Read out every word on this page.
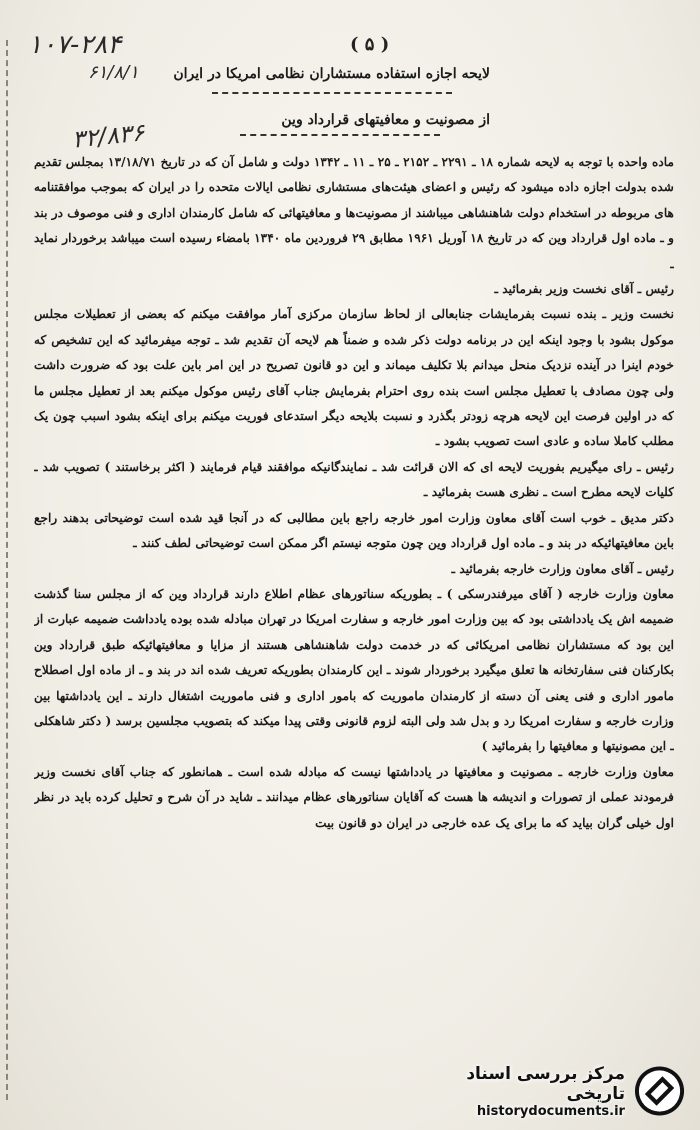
۱۰۷-۲۸۴
۶۱/۸/۱
۳۲/۸۳۶
( ۵ )
لایحه اجازه استفاده مستشاران نظامی امریکا در ایران
از مصونیت و معافیتهای قرارداد وین

ماده واحده با توجه به لایحه شماره ۱۸ ـ ۲۲۹۱ ـ ۲۱۵۲ ـ ۲۵ ـ ۱۱ ـ ۱۳۴۲ دولت و شامل آن که در تاریخ ۱۳/۱۸/۷۱ بمجلس تقدیم شده بدولت اجازه داده میشود که رئیس و اعضای هیئت‌های مستشاری نظامی ایالات متحده را در ایران که بموجب موافقتنامه های مربوطه در استخدام دولت شاهنشاهی میباشند از مصونیت‌ها و معافیتهائی که شامل کارمندان اداری و فنی موصوف در بند و ـ ماده اول قرارداد وین که در تاریخ ۱۸ آوریل ۱۹۶۱ مطابق ۲۹ فروردین ماه ۱۳۴۰ بامضاء رسیده است میباشد برخوردار نماید ـ

رئیس ـ آقای نخست وزیر بفرمائید ـ

نخست وزیر ـ بنده نسبت بفرمایشات جنابعالی از لحاظ سازمان مرکزی آمار موافقت میکنم که بعضی از تعطیلات مجلس موکول بشود با وجود اینکه این در برنامه دولت ذکر شده و ضمناً هم لایحه آن تقدیم شد ـ توجه میفرمائید که این تشخیص که خودم اینرا در آینده نزدیک منحل میدانم بلا تکلیف میماند و این دو قانون تصریح در این امر باین علت بود که ضرورت داشت ولی چون مصادف با تعطیل مجلس است بنده روی احترام بفرمایش جناب آقای رئیس موکول میکنم بعد از تعطیل مجلس ما که در اولین فرصت این لایحه هرچه زودتر بگذرد و نسبت بلایحه دیگر استدعای فوریت میکنم برای اینکه بشود اسبب چون یک مطلب کاملا ساده و عادی است تصویب بشود ـ

رئیس ـ رای میگیریم بفوریت لایحه ای که الان قرائت شد ـ نمایندگانیکه موافقند قیام فرمایند ( اکثر برخاستند ) تصویب شد ـ کلیات لایحه مطرح است ـ نظری هست بفرمائید ـ

دکتر مدیق ـ خوب است آقای معاون وزارت امور خارجه راجع باین مطالبی که در آنجا قید شده است توضیحاتی بدهند راجع باین معافیتهائیکه در بند و ـ ماده اول قرارداد وین چون متوجه نیستم اگر ممکن است توضیحاتی لطف کنند ـ

رئیس ـ آقای معاون وزارت خارجه بفرمائید ـ

معاون وزارت خارجه ( آقای میرفندرسکی ) ـ بطوریکه سناتورهای عظام اطلاع دارند قرارداد وین که از مجلس سنا گذشت ضمیمه اش یک یادداشتی بود که بین وزارت امور خارجه و سفارت امریکا در تهران مبادله شده بوده یادداشت ضمیمه عبارت از این بود که مستشاران نظامی امریکائی که در خدمت دولت شاهنشاهی هستند از مزایا و معافیتهائیکه طبق قرارداد وین بکارکنان فنی سفارتخانه ها تعلق میگیرد برخوردار شوند ـ این کارمندان بطوریکه تعریف شده اند در بند و ـ از ماده اول اصطلاح مامور اداری و فنی یعنی آن دسته از کارمندان ماموریت که بامور اداری و فنی ماموریت اشتغال دارند ـ این یادداشتها بین وزارت خارجه و سفارت امریکا رد و بدل شد ولی البته لزوم قانونی وقتی پیدا میکند که بتصویب مجلسین برسد ( دکتر شاهکلی ـ این مصونیتها و معافیتها را بفرمائید )

معاون وزارت خارجه ـ مصونیت و معافیتها در یادداشتها نیست که مبادله شده است ـ همانطور که جناب آقای نخست وزیر فرمودند عملی از تصورات و اندیشه ها هست که آقایان سناتورهای عظام میدانند ـ شاید در آن شرح و تحلیل کرده باید در نظر اول خیلی گران بیاید که ما برای یک عده خارجی در ایران دو قانون بیت

مرکز بررسی اسناد تاریخی
historydocuments.ir
